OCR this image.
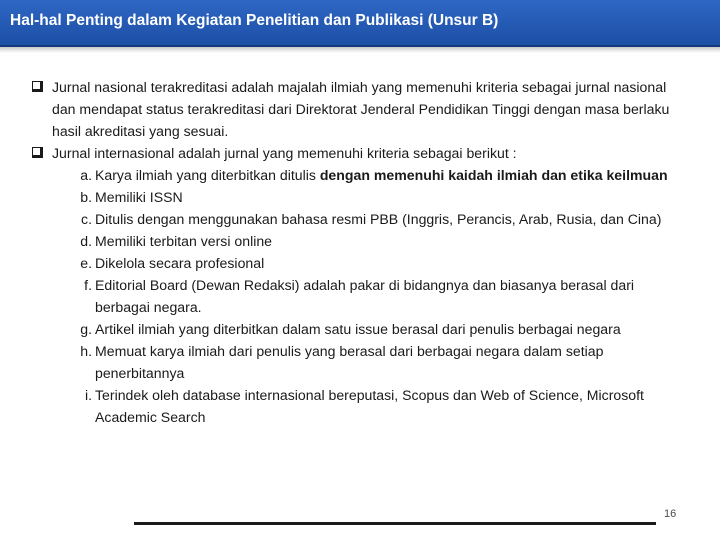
Hal-hal Penting dalam Kegiatan Penelitian dan Publikasi (Unsur B)
Jurnal nasional terakreditasi adalah majalah ilmiah yang memenuhi kriteria sebagai jurnal nasional dan mendapat status terakreditasi dari Direktorat Jenderal Pendidikan Tinggi dengan masa berlaku hasil akreditasi yang sesuai.
Jurnal internasional adalah jurnal yang memenuhi kriteria sebagai berikut :
a. Karya ilmiah yang diterbitkan ditulis dengan memenuhi kaidah ilmiah dan etika keilmuan
b. Memiliki ISSN
c. Ditulis dengan menggunakan bahasa resmi PBB (Inggris, Perancis, Arab, Rusia, dan Cina)
d. Memiliki terbitan versi online
e. Dikelola secara profesional
f. Editorial Board (Dewan Redaksi) adalah pakar di bidangnya dan biasanya berasal dari berbagai negara.
g. Artikel ilmiah yang diterbitkan dalam satu issue berasal dari penulis berbagai negara
h. Memuat karya ilmiah dari penulis yang berasal dari berbagai negara dalam setiap penerbitannya
i. Terindek oleh database internasional bereputasi, Scopus dan Web of Science, Microsoft Academic Search
16
